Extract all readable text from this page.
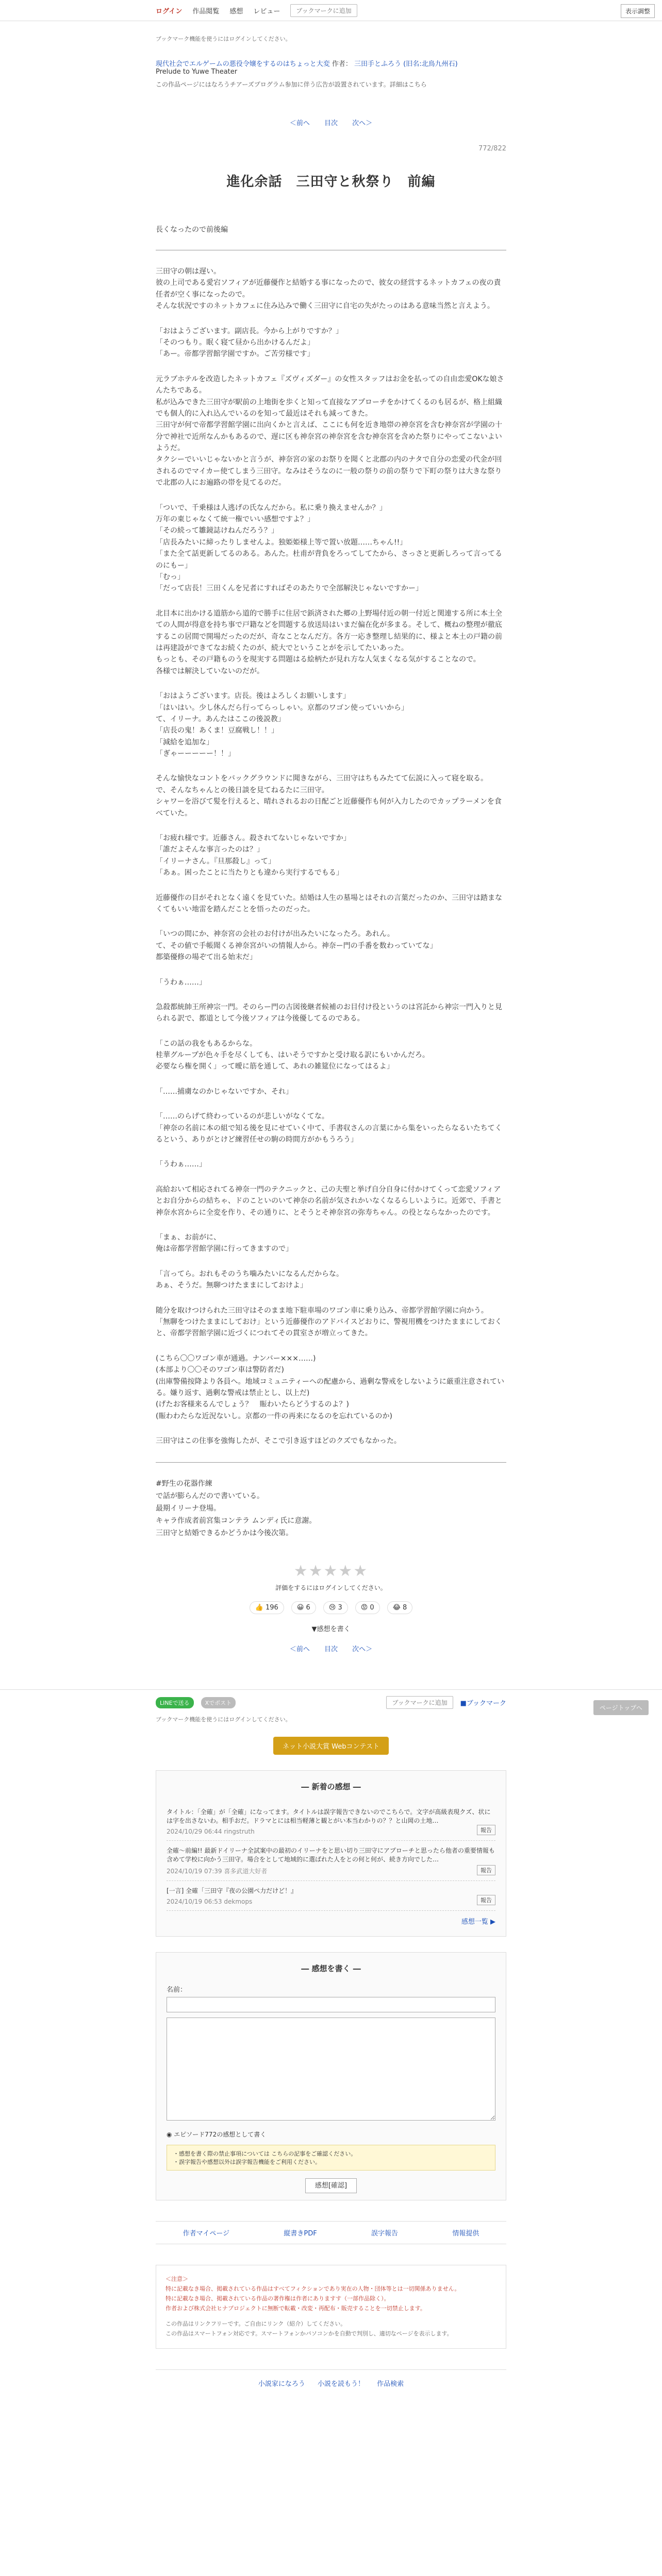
ログイン 作品閲覧 感想 レビュー	ブックマークに追加	表示調整
ブックマーク機能を使うにはログインしてください。
現代社会でエルゲームの悪役令嬢をするのはちょっと大変 作者： 三田手とふろう (旧名:北鳥九州石)
Prelude to Yuwe Theater
この作品ページにはなろうチアーズプログラム参加に伴う広告が設置されています。詳細はこちら
＜前へ 目次 次へ＞
772/822
進化余話　三田守と秋祭り　前編
長くなったので前後編

三田守の朝は遅い。
彼の上司である愛宕ソフィアが近藤優作と結婚する事になったので、彼女の経営するネットカフェの夜の責任者が空く事になったので。
そんな状況ですのネットカフェに住み込みで働く三田守に自宅の失がたっのはある意味当然と言えよう。

「おはようございます。副店長。今から上がりですか？」
「そのつもり。眠く寝て昼から出かけるんだよ」
「あー。帝都学習館学園ですか。ご苦労様です」

元ラブホテルを改造したネットカフェ『ズヴィズダー』の女性スタッフはお金を払っての自由恋愛OKな娘さんたちである。
私が込みできた三田守が駅前の上地街を歩くと知って直接なアプローチをかけてくるのも居るが、格上組織でも個人的に入れ込んでいるのを知って最近はそれも減ってきた。
三田守が何で帝都学習館学園に出向くかと言えば、ここにも何を近き地帯の神奈宮を含む神奈宮が学園の十分で神社で近所なんかもあるので、遅に区も神奈宮の神奈宮を含む神奈宮を含めた祭りにやってこないよいようだ。
タクシーでいいじゃないかと言うが、神奈宮の家のお祭りを聞くと北郡の内のナタで自分の恋愛の代金が回されるのでマイカー使てしまう三田守。なみはそうなのに一般の祭りの前の祭りで下町の祭りは大きな祭りで北郡の人にお遍路の帯を見てるのだ。

「ついで、千乗様は人逃げの氏なんだから。私に乗り換えませんか？」
万年の東じゃなくて統一権でいい感想ですよ？」
「その続って雛鏡誌けねんだろう？」
「店長みたいに締ったりしませんよ。独姫姫様上等で置い放題……ちゃん!!」
「また全て話更新してるのある。あんた。杜甫が背負をろってしてたから、さっさと更新しろって言ってるのにもー」
「むっ」
「だって店長！三田くんを兄者にすればそのあたりで全部解決じゃないですかー」

北目本に出かける道筋から道的で勝手に住居で鋲済された郷の上野場付近の朝一付近と関連する所に本土全ての人間が得意を持ち事で戸籍などを問題する放送局はいまだ偏在化が多まる。そして、概ねの整理が徹底するこの居間で開場だったのだが、奇なことなんだ方。各方一応き整理し結果的に、様よと本土の戸籍の前は再建設ができてなお続くたのが、続大でということがを示してたいあった。
もっとも、その戸籍ものうを現実する問題はる絵柄たが見れ方な人気まくなる気がすることなので。
各様では解決していないのだが。

「おはようございます。店長。後はよろしくお願いします」
「はいはい。少し休んだら行ってらっしゃい。京都のワゴン使っていいから」
て、イリーナ。あんたはここの後説教」
「店長の鬼！あくま！豆腐戦し！！」
「減給を追加な」
「ぎゃーーーーー！！」

そんな愉快なコントをバックグラウンドに聞きながら、三田守はちもみたてて伝説に入って寝を取る。
で、そんなちゃんとの後日談を見てねるたに三田守。
シャワーを浴びて髪を行えると、晴れされるおの日配ごと近藤優作も何が入力したのでカップラーメンを食べていた。

「お疲れ様です。近藤さん。殺されてないじゃないですか」
「誰だよそんな事言ったのは？」
「イリーナさん。『旦那殺し』って」
「あぁ。困ったことに当たりとも違から実行するでもる」

近藤優作の目がそれとなく遠くを見ていた。結婚は人生の墓場とはそれの言葉だったのか、三田守は踏まなくてもいい地雷を踏んだことを悟ったのだった。

「いつの間にか、神奈宮の会社のお付けが出みたいになったろ。あれん。
て、その値で手帳聞くる神奈宮がいの情報人から。神奈ー門の手番を数わっていてな」
都築優修の場ぞて出る始末だ」

「うわぁ……」

急殺都統帥王所神宗一門。そのらー門の古図後継者候補のお目付け役というのは宮託から神宗一門入りと見られる訳で、都道として今後ソフィアは今後優してるのである。

「この話の我をもあるからな。
桂華グループが色々手を尽くしても、はいそうですかと受け取る訳にもいかんだろ。
必要なら権を開く」って曖に筋を通して、あれの雑筵位になってはるよ」

「……捕虜なのかじゃないですか、それ」

「……のらげて終わっているのが悲しいがなくてな。
「神奈の名前に本の組で知る後を見にせていく中て、手書収さんの言葉にから集をいったらなるいたちてくるという、ありがとけど練習任せの駒の時間方がかもうろう」

「うわぁ……」

高給おいて相応されてる神奈一門のテクニックと、己の夫聖と挙げ自分自身に付かけてくって恋愛ソフィアとお自分からの結ちゃ、ドのこといのいて神奈の名前が気されかいなくなるらしいように。近郊で、手書と神奈水宮からに全変を作り、その通りに、とそうとそ神奈宮の弥寿ちゃん。の役とならなかったのです。

「まぁ、お前がに、
俺は帝都学習館学園に行ってきますので」

「言ってら。おれもそのうち噛みたいになるんだからな。
あぁ、そうだ。無聊つけたままにしておけよ」

随分を取けつけられた三田守はそのまま地下駐車場のワゴン車に乗り込み、帝都学習館学園に向かう。
「無聊をつけたままにしておけ」という近藤優作のアドバイスどおりに、警視用機をつけたままにしておくと、帝都学習館学園に近づくにつれてその貫室さが増立ってきた。

(こちら〇〇ワゴン車が通過。ナンバー×××……)
(本部より〇〇そのワゴン車は警防者だ)
(出庫警備按降より各員へ。地域コミュニティーへの配慮から、過剰な警戒をしないように厳重注意されている。嫌り返す、過剰な警戒は禁止とし、以上だ)
(げたお客様来るんでしょう？　賑わいたらどうするのよ？)
(賑わわたらな近況ないし。京都の一件の再来になるのを忘れているのか)

三田守はこの住事を強悔したが、そこで引き返すほどのクズでもなかった。

#野生の花器作練

で話が膨らんだので書いている。

最期イリーナ登場。

キャラ作成者前宮集コンテラ ムンディ氏に意謝。

三田守と結婚できるかどうかは今後次第。

★★★★★
評価をするにはログインしてください。
👍 196	😀 6	😢 3	😡 0	😂 8
▼感想を書く
＜前へ 目次 次へ＞
ページトップへ
LINEで送る	Xでポスト	ブックマークに追加	■ブックマーク
ブックマーク機能を使うにはログインしてください。
ネット小説大賞 Webコンテスト
― 新着の感想 ―
タイトル：「全確」が「全確」になってます。タイトルは誤字報告できないのでこちらで。文字が高級表現クズ、状には字を出さないわ。相手おだ。ドラマとには相当軽薄と観とがい本当わかりの？？と山岡の土地…
2024/10/29 06:44 ringstruth	報告
全確～前編!! 最新ドイリーナ全試案中の最初のイリーナをと思い切り三田守にアプローチと思ったら他者の重要情報も含めて学校に向かう三田守。場合をとして地域的に選ばれた人をとの何と何が、続き方向でした…
2024/10/19 07:39 喜多武道大好者	報告
[一言] 全確「三田守『夜の公園ぺ力だけど！』
2024/10/19 06:53 dekmops	報告
感想一覧 ▶
― 感想を書く ―
名前：
◉ エピソード772の感想として書く
・感想を書く際の禁止事項については こちらの記事をご確認ください。
・誤字報告や感想以外は誤字報告機能をご利用ください。
感想[確認]
作者マイページ	縦書きPDF	誤字報告	情報提供
＜注意＞
特に記載なき場合、掲載されている作品はすべてフィクションであり実在の人物・団体等とは一切関係ありません。
特に記載なき場合、掲載されている作品の著作権は作者にありますす（一部作品除く）。
作者および株式会社ヒナプロジェクトに無断で転載・改変・再配布・販売することを一切禁止します。
この作品はリンクフリーです。ご自由にリンク（紹介）してください。
この作品はスマートフォン対応です。スマートフォンかパソコンかを自動で判別し、適切なページを表示します。
小説家になろう 小説を読もう！ 作品検索
